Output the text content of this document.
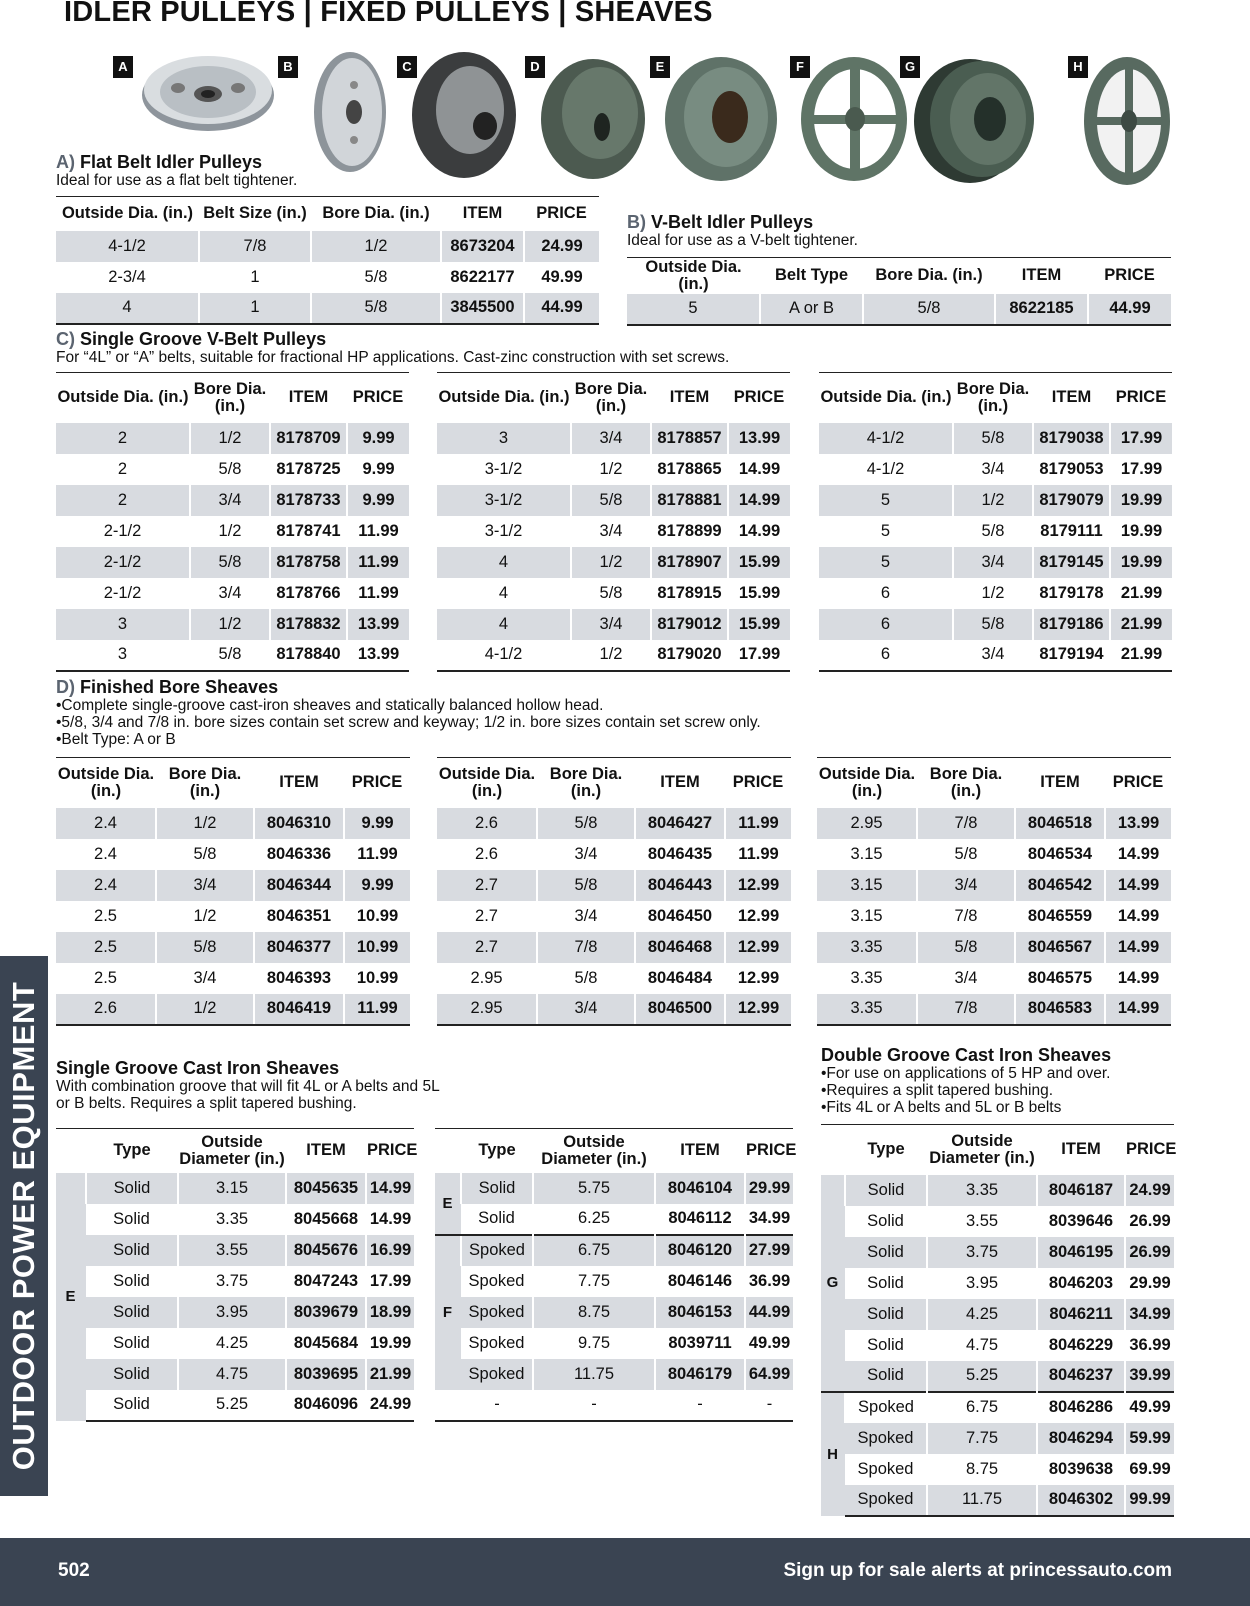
IDLER PULLEYS | FIXED PULLEYS | SHEAVES
A	B	C	D	E	F	G	H
A) Flat Belt Idler Pulleys
Ideal for use as a flat belt tightener.
Outside Dia. (in.)	Belt Size (in.)	Bore Dia. (in.)	ITEM	PRICE
4-1/2	7/8	1/2	8673204	24.99
2-3/4	1	5/8	8622177	49.99
4	1	5/8	3845500	44.99
B) V-Belt Idler Pulleys
Ideal for use as a V-belt tightener.
Outside Dia. (in.)	Belt Type	Bore Dia. (in.)	ITEM	PRICE
5	A or B	5/8	8622185	44.99
C) Single Groove V-Belt Pulleys
For “4L” or “A” belts, suitable for fractional HP applications. Cast-zinc construction with set screws.
Outside Dia. (in.)	Bore Dia. (in.)	ITEM	PRICE
2	1/2	8178709	9.99
2	5/8	8178725	9.99
2	3/4	8178733	9.99
2-1/2	1/2	8178741	11.99
2-1/2	5/8	8178758	11.99
2-1/2	3/4	8178766	11.99
3	1/2	8178832	13.99
3	5/8	8178840	13.99
Outside Dia. (in.)	Bore Dia. (in.)	ITEM	PRICE
3	3/4	8178857	13.99
3-1/2	1/2	8178865	14.99
3-1/2	5/8	8178881	14.99
3-1/2	3/4	8178899	14.99
4	1/2	8178907	15.99
4	5/8	8178915	15.99
4	3/4	8179012	15.99
4-1/2	1/2	8179020	17.99
Outside Dia. (in.)	Bore Dia. (in.)	ITEM	PRICE
4-1/2	5/8	8179038	17.99
4-1/2	3/4	8179053	17.99
5	1/2	8179079	19.99
5	5/8	8179111	19.99
5	3/4	8179145	19.99
6	1/2	8179178	21.99
6	5/8	8179186	21.99
6	3/4	8179194	21.99
D) Finished Bore Sheaves
•Complete single-groove cast-iron sheaves and statically balanced hollow head.
•5/8, 3/4 and 7/8 in. bore sizes contain set screw and keyway; 1/2 in. bore sizes contain set screw only.
•Belt Type: A or B
Outside Dia. (in.)	Bore Dia. (in.)	ITEM	PRICE
2.4	1/2	8046310	9.99
2.4	5/8	8046336	11.99
2.4	3/4	8046344	9.99
2.5	1/2	8046351	10.99
2.5	5/8	8046377	10.99
2.5	3/4	8046393	10.99
2.6	1/2	8046419	11.99
Outside Dia. (in.)	Bore Dia. (in.)	ITEM	PRICE
2.6	5/8	8046427	11.99
2.6	3/4	8046435	11.99
2.7	5/8	8046443	12.99
2.7	3/4	8046450	12.99
2.7	7/8	8046468	12.99
2.95	5/8	8046484	12.99
2.95	3/4	8046500	12.99
Outside Dia. (in.)	Bore Dia. (in.)	ITEM	PRICE
2.95	7/8	8046518	13.99
3.15	5/8	8046534	14.99
3.15	3/4	8046542	14.99
3.15	7/8	8046559	14.99
3.35	5/8	8046567	14.99
3.35	3/4	8046575	14.99
3.35	7/8	8046583	14.99
Single Groove Cast Iron Sheaves
With combination groove that will fit 4L or A belts and 5L
or B belts. Requires a split tapered bushing.
	Type	Outside Diameter (in.)	ITEM	PRICE
E	Solid	3.15	8045635	14.99
	Solid	3.35	8045668	14.99
	Solid	3.55	8045676	16.99
	Solid	3.75	8047243	17.99
	Solid	3.95	8039679	18.99
	Solid	4.25	8045684	19.99
	Solid	4.75	8039695	21.99
	Solid	5.25	8046096	24.99
	Type	Outside Diameter (in.)	ITEM	PRICE
E	Solid	5.75	8046104	29.99
	Solid	6.25	8046112	34.99
F	Spoked	6.75	8046120	27.99
	Spoked	7.75	8046146	36.99
	Spoked	8.75	8046153	44.99
	Spoked	9.75	8039711	49.99
	Spoked	11.75	8046179	64.99
	-	-	-	-
Double Groove Cast Iron Sheaves
•For use on applications of 5 HP and over.
•Requires a split tapered bushing.
•Fits 4L or A belts and 5L or B belts
	Type	Outside Diameter (in.)	ITEM	PRICE
G	Solid	3.35	8046187	24.99
	Solid	3.55	8039646	26.99
	Solid	3.75	8046195	26.99
	Solid	3.95	8046203	29.99
	Solid	4.25	8046211	34.99
	Solid	4.75	8046229	36.99
	Solid	5.25	8046237	39.99
H	Spoked	6.75	8046286	49.99
	Spoked	7.75	8046294	59.99
	Spoked	8.75	8039638	69.99
	Spoked	11.75	8046302	99.99
OUTDOOR POWER EQUIPMENT
502	Sign up for sale alerts at princessauto.com
